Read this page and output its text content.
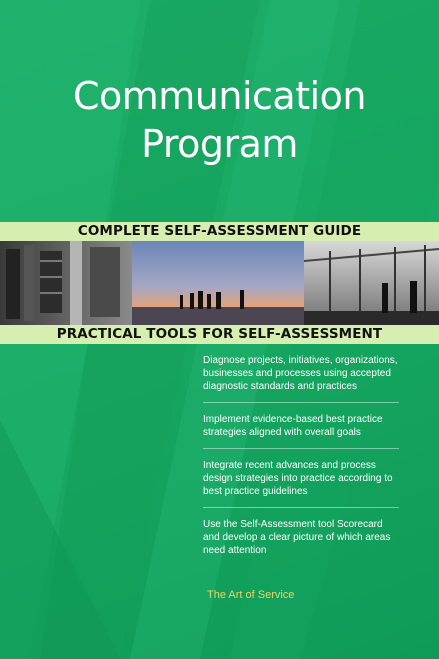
Communication
Program
COMPLETE SELF-ASSESSMENT GUIDE
PRACTICAL TOOLS FOR SELF-ASSESSMENT
Diagnose projects, initiatives, organizations, businesses and processes using accepted diagnostic standards and practices
Implement evidence-based best practice strategies aligned with overall goals
Integrate recent advances and process design strategies into practice according to best practice guidelines
Use the Self-Assessment tool Scorecard and develop a clear picture of which areas need attention
The Art of Service
